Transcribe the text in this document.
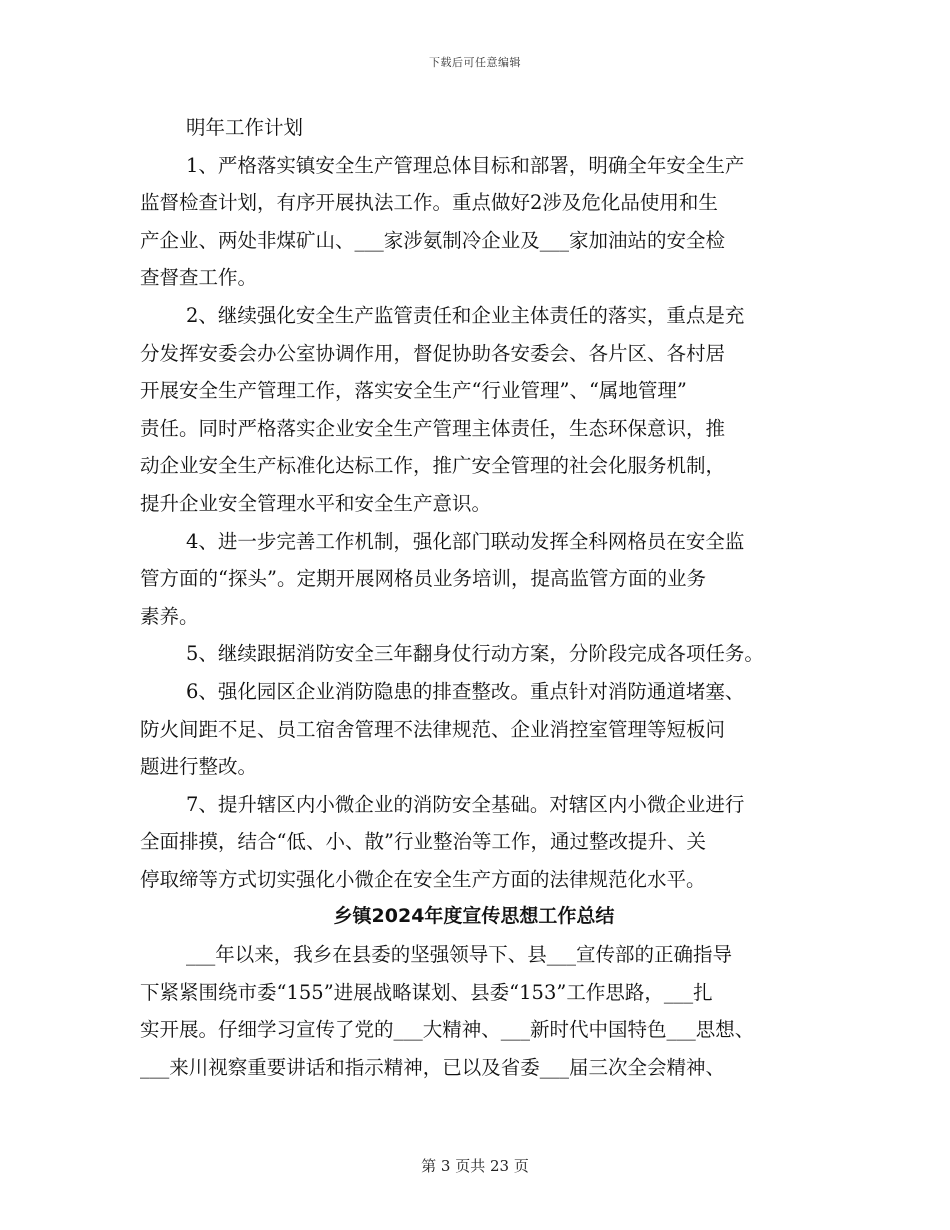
下载后可任意编辑
明年工作计划
1、严格落实镇安全生产管理总体目标和部署，明确全年安全生产
监督检查计划，有序开展执法工作。重点做好2涉及危化品使用和生
产企业、两处非煤矿山、___家涉氨制冷企业及___家加油站的安全检
查督查工作。
2、继续强化安全生产监管责任和企业主体责任的落实，重点是充
分发挥安委会办公室协调作用，督促协助各安委会、各片区、各村居
开展安全生产管理工作，落实安全生产“行业管理”、“属地管理”
责任。同时严格落实企业安全生产管理主体责任，生态环保意识，推
动企业安全生产标准化达标工作，推广安全管理的社会化服务机制，
提升企业安全管理水平和安全生产意识。
4、进一步完善工作机制，强化部门联动发挥全科网格员在安全监
管方面的“探头”。定期开展网格员业务培训，提高监管方面的业务
素养。
5、继续跟据消防安全三年翻身仗行动方案，分阶段完成各项任务。
6、强化园区企业消防隐患的排查整改。重点针对消防通道堵塞、
防火间距不足、员工宿舍管理不法律规范、企业消控室管理等短板问
题进行整改。
7、提升辖区内小微企业的消防安全基础。对辖区内小微企业进行
全面排摸，结合“低、小、散”行业整治等工作，通过整改提升、关
停取缔等方式切实强化小微企在安全生产方面的法律规范化水平。
乡镇2024年度宣传思想工作总结
___年以来，我乡在县委的坚强领导下、县___宣传部的正确指导
下紧紧围绕市委“155”进展战略谋划、县委“153”工作思路，___扎
实开展。仔细学习宣传了党的___大精神、___新时代中国特色___思想、
___来川视察重要讲话和指示精神，已以及省委___届三次全会精神、
第 3 页共 23 页
